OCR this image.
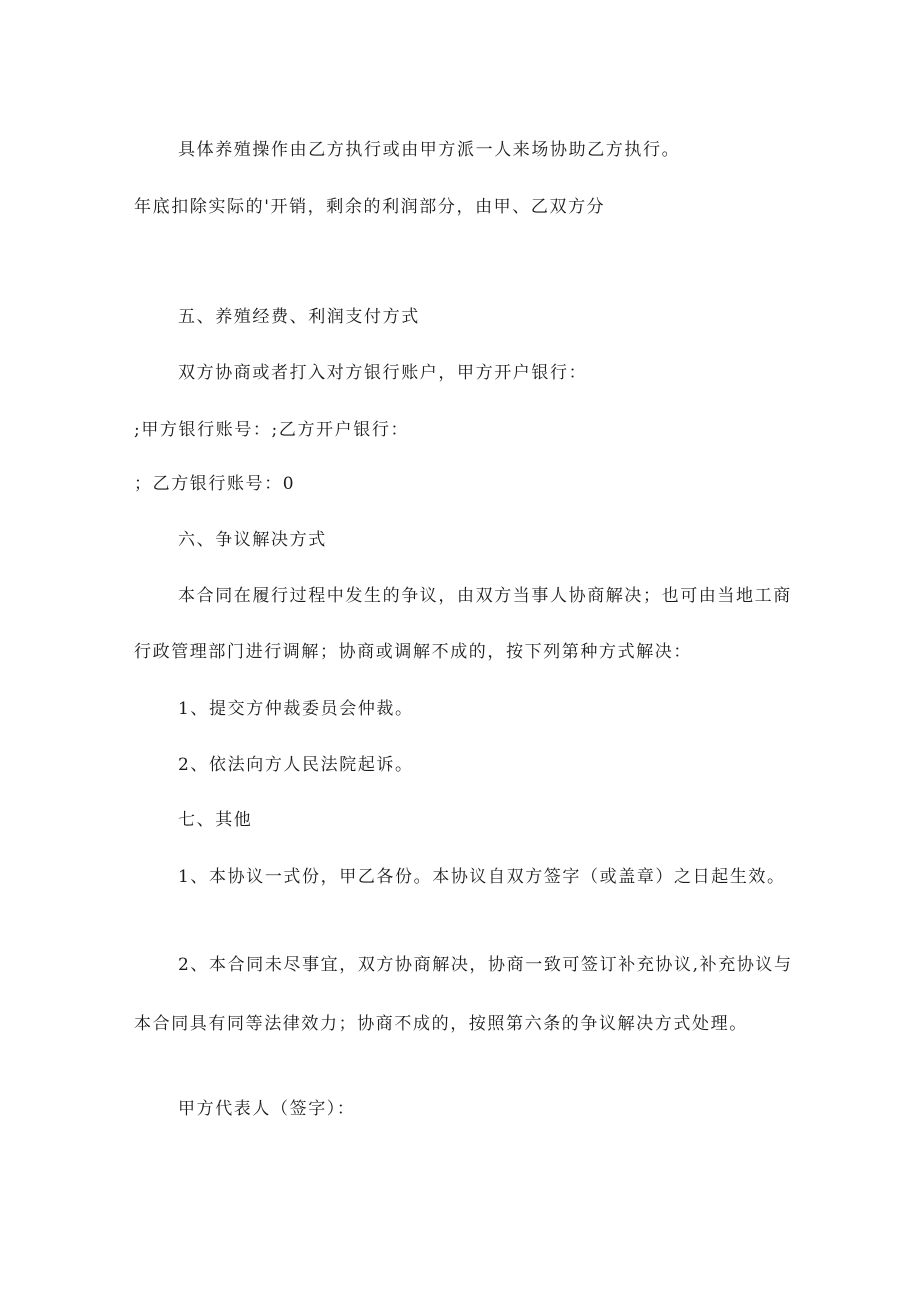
具体养殖操作由乙方执行或由甲方派一人来场协助乙方执行。
年底扣除实际的'开销，剩余的利润部分，由甲、乙双方分
五、养殖经费、利润支付方式
双方协商或者打入对方银行账户，甲方开户银行：
;甲方银行账号：;乙方开户银行：
；乙方银行账号：0
六、争议解决方式
本合同在履行过程中发生的争议，由双方当事人协商解决；也可由当地工商
行政管理部门进行调解；协商或调解不成的，按下列第种方式解决：
1、提交方仲裁委员会仲裁。
2、依法向方人民法院起诉。
七、其他
1、本协议一式份，甲乙各份。本协议自双方签字（或盖章）之日起生效。
2、本合同未尽事宜，双方协商解决，协商一致可签订补充协议,补充协议与
本合同具有同等法律效力；协商不成的，按照第六条的争议解决方式处理。
甲方代表人（签字）：
